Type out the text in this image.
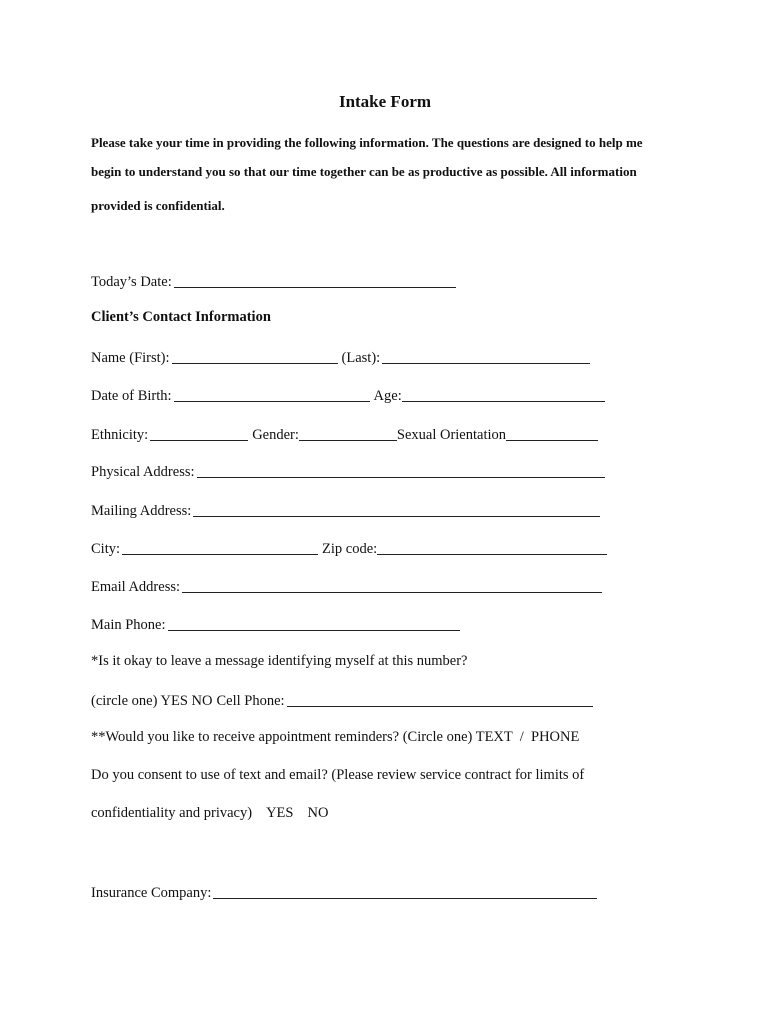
Intake Form
Please take your time in providing the following information. The questions are designed to help me
begin to understand you so that our time together can be as productive as possible. All information
provided is confidential.
Today’s Date:
Client’s Contact Information
Name (First):	(Last):
Date of Birth:	Age:
Ethnicity:	Gender:	Sexual Orientation
Physical Address:
Mailing Address:
City:	Zip code:
Email Address:
Main Phone:
*Is it okay to leave a message identifying myself at this number?
(circle one) YES NO Cell Phone:
**Would you like to receive appointment reminders? (Circle one) TEXT  /  PHONE
Do you consent to use of text and email? (Please review service contract for limits of
confidentiality and privacy) YES NO
Insurance Company:
